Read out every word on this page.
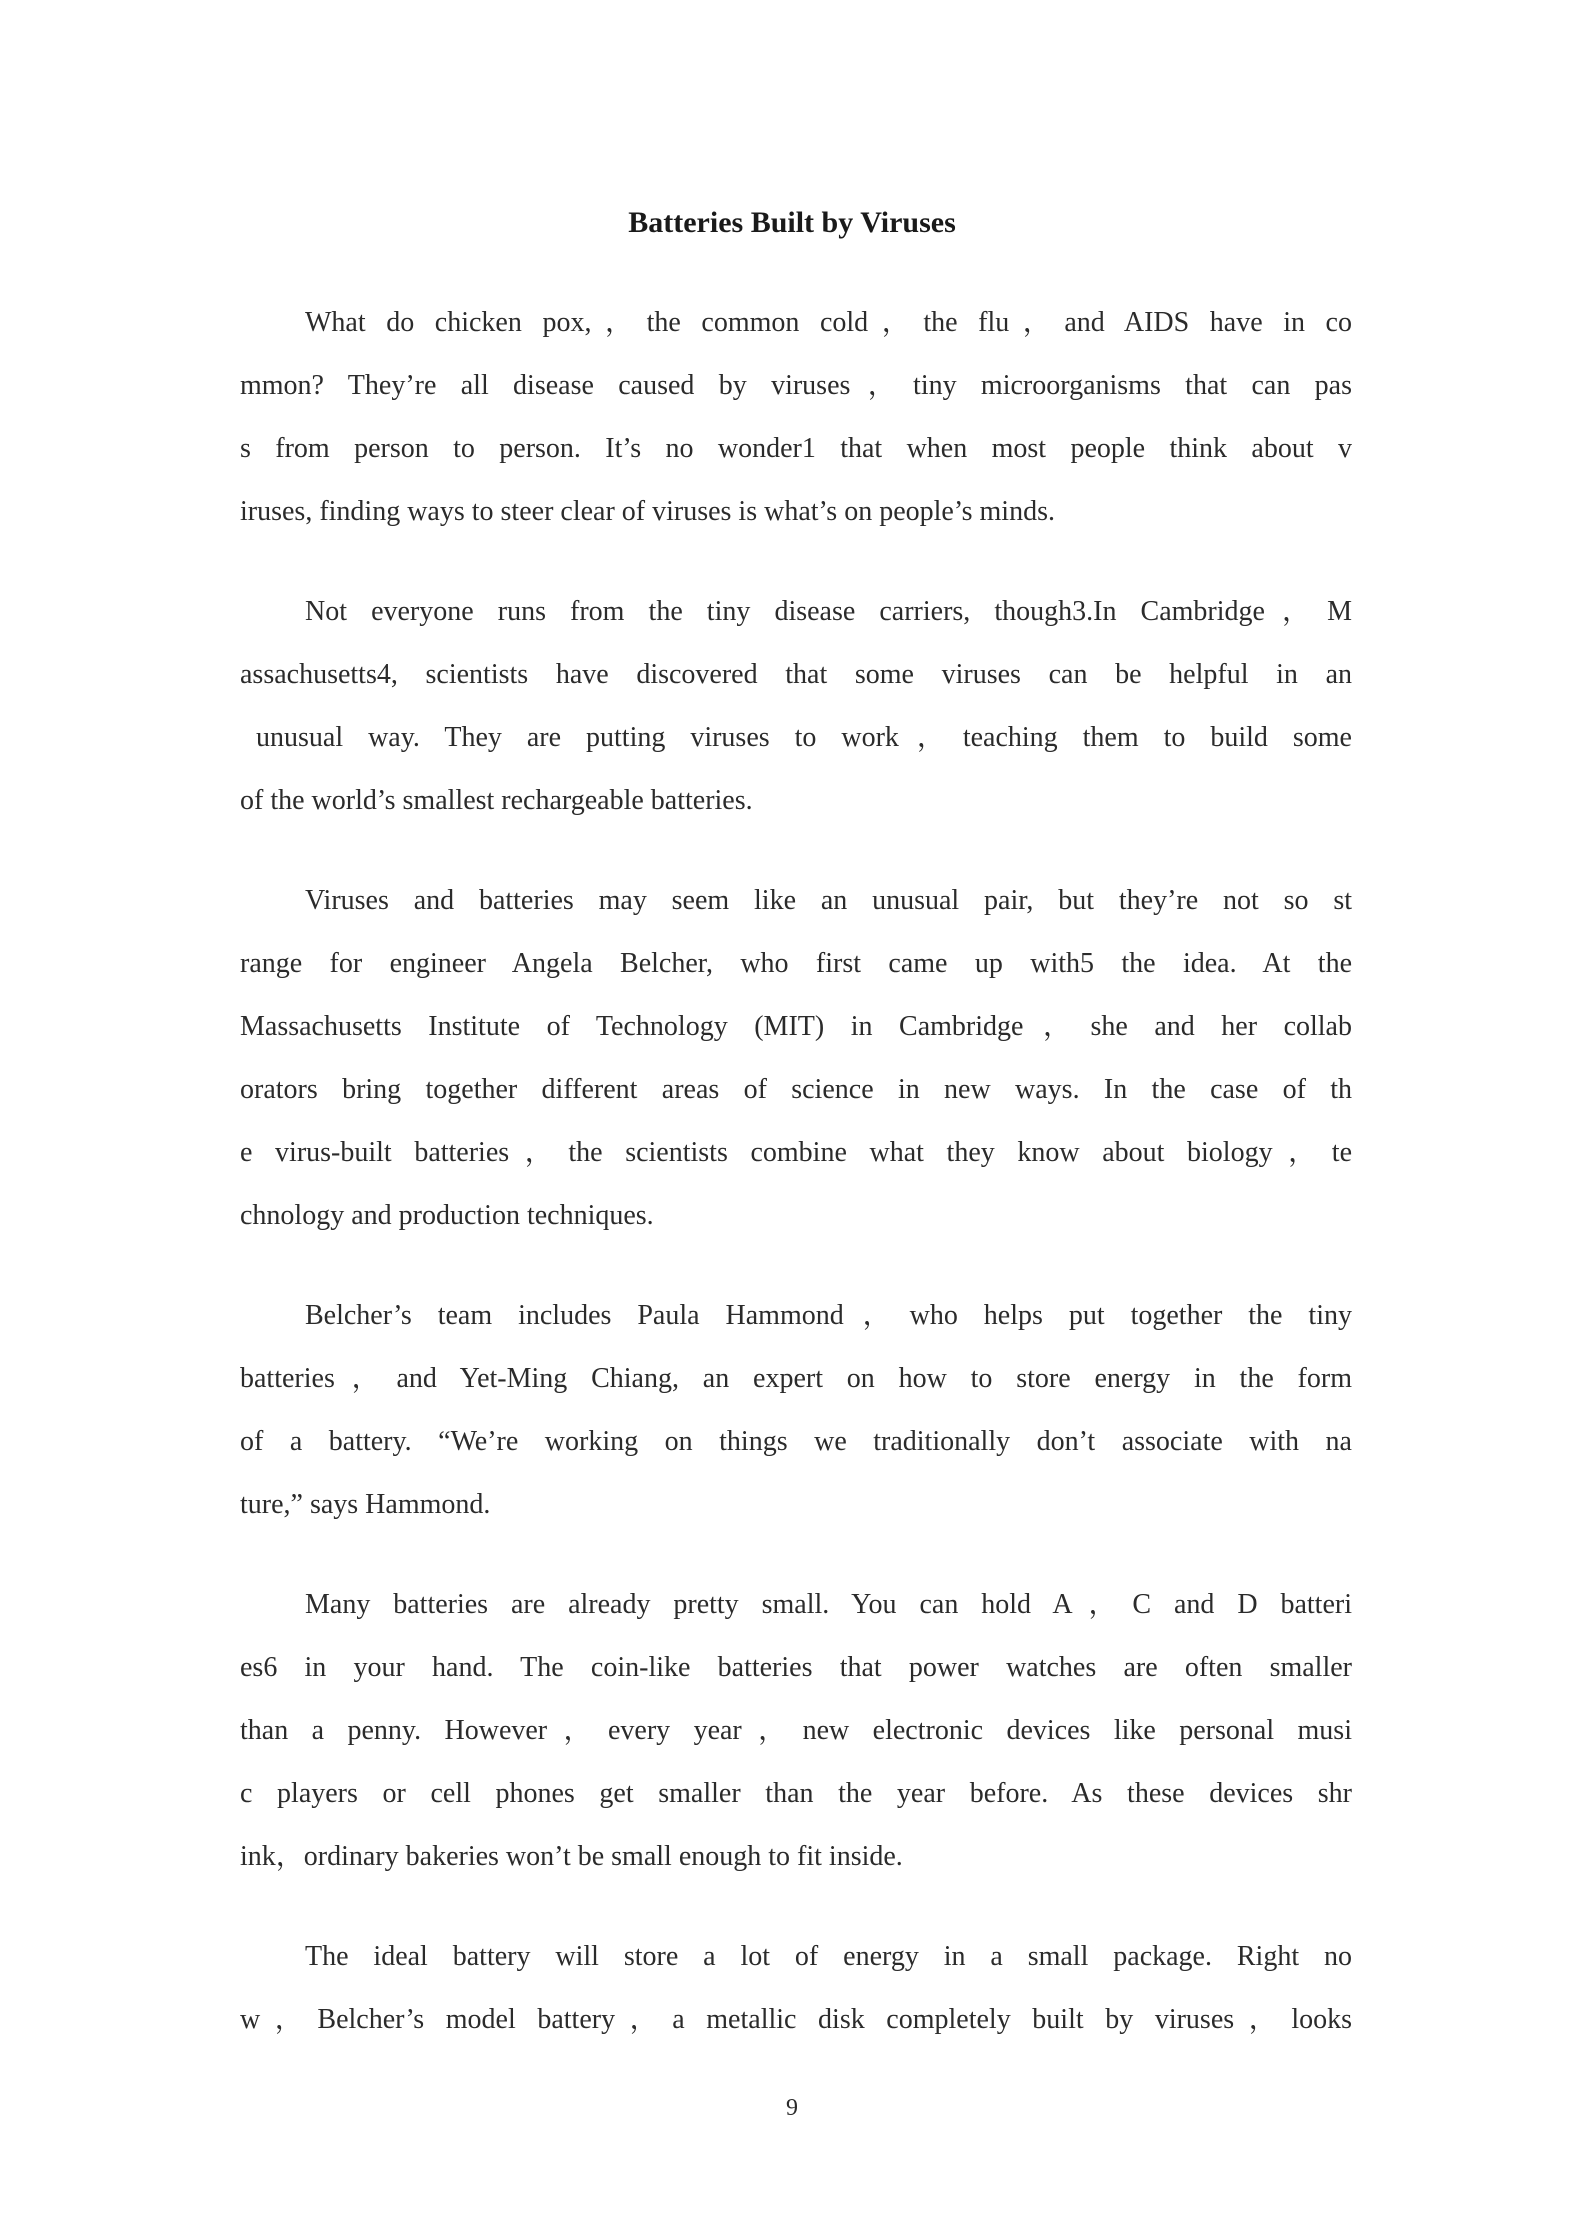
Batteries Built by Viruses
What do chicken pox,，the common cold，the flu，and AIDS have in co
mmon? They’re all disease caused by viruses，tiny microorganisms that can pas
s from person to person. It’s no wonder1 that when most people think about v
iruses, finding ways to steer clear of viruses is what’s on people’s minds.
Not everyone runs from the tiny disease carriers, though3.In Cambridge，M
assachusetts4, scientists have discovered that some viruses can be helpful in an
unusual way. They are putting viruses to work，teaching them to build some
of the world’s smallest rechargeable batteries.
Viruses and batteries may seem like an unusual pair, but they’re not so st
range for engineer Angela Belcher, who first came up with5 the idea. At the
Massachusetts Institute of Technology (MIT) in Cambridge，she and her collab
orators bring together different areas of science in new ways. In the case of th
e virus-built batteries，the scientists combine what they know about biology，te
chnology and production techniques.
Belcher’s team includes Paula Hammond，who helps put together the tiny
batteries，and Yet-Ming Chiang, an expert on how to store energy in the form
of a battery. “We’re working on things we traditionally don’t associate with na
ture,” says Hammond.
Many batteries are already pretty small. You can hold A，C and D batteri
es6 in your hand. The coin-like batteries that power watches are often smaller
than a penny. However，every year，new electronic devices like personal musi
c players or cell phones get smaller than the year before. As these devices shr
ink，ordinary bakeries won’t be small enough to fit inside.
The ideal battery will store a lot of energy in a small package. Right no
w，Belcher’s model battery，a metallic disk completely built by viruses，looks
9
